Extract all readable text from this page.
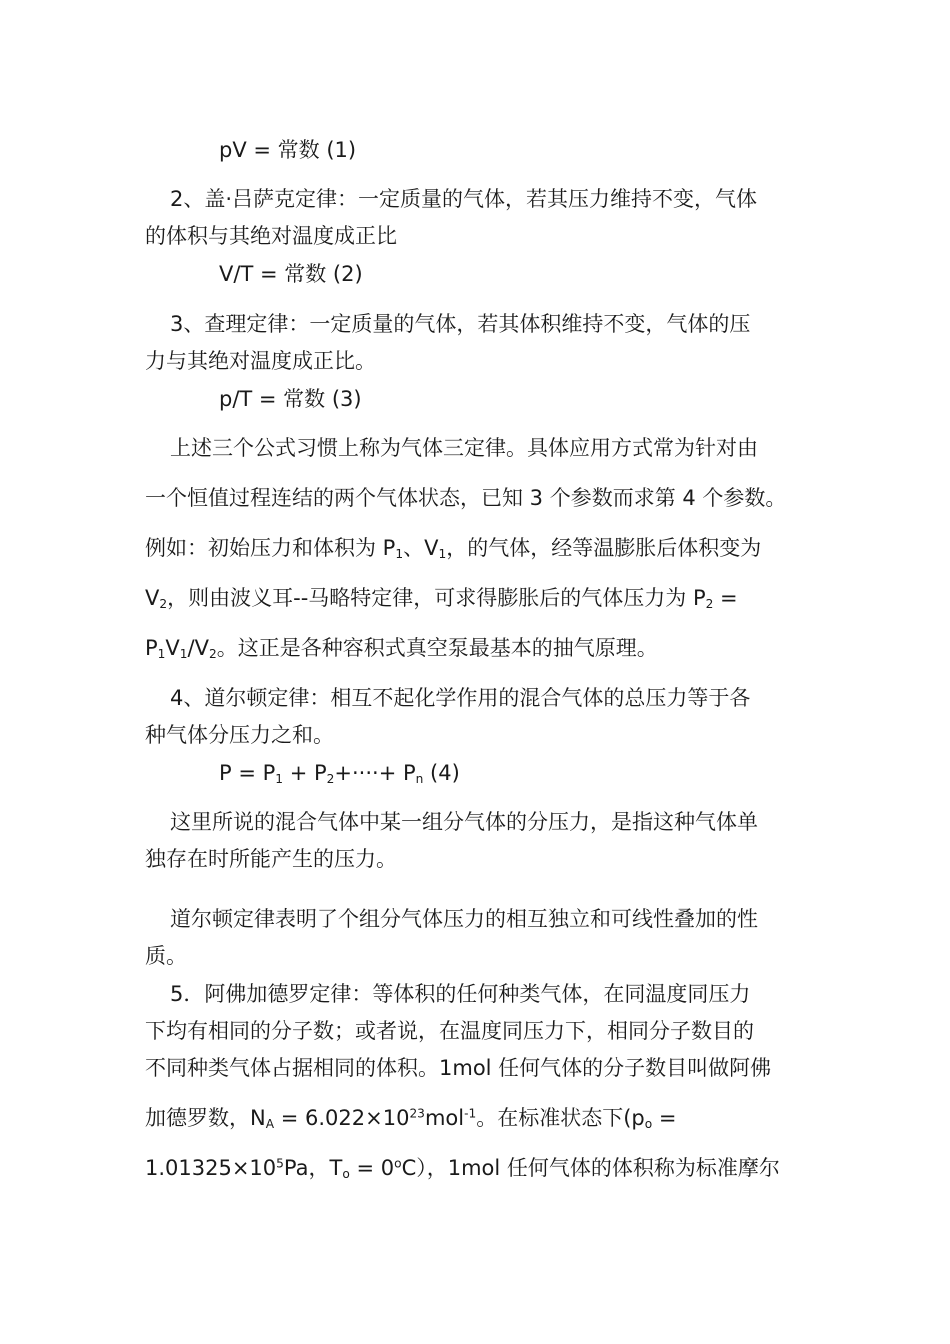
pV = 常数 (1)
2、盖·吕萨克定律：一定质量的气体，若其压力维持不变，气体
的体积与其绝对温度成正比
V/T = 常数 (2)
3、查理定律：一定质量的气体，若其体积维持不变，气体的压
力与其绝对温度成正比。
p/T = 常数 (3)
上述三个公式习惯上称为气体三定律。具体应用方式常为针对由
一个恒值过程连结的两个气体状态，已知 3 个参数而求第 4 个参数。
例如：初始压力和体积为 $P_1$、$V_1$，的气体，经等温膨胀后体积变为
$V_2$，则由波义耳--马略特定律，可求得膨胀后的气体压力为 $P_2$ =
$P_1V_1/V_2$。这正是各种容积式真空泵最基本的抽气原理。
4、道尔顿定律：相互不起化学作用的混合气体的总压力等于各
种气体分压力之和。
$P = P_1 + P_2+\cdot\cdot\cdot\cdot+ P_n$ (4)
这里所说的混合气体中某一组分气体的分压力，是指这种气体单
独存在时所能产生的压力。
道尔顿定律表明了个组分气体压力的相互独立和可线性叠加的性
质。
5．阿佛加德罗定律：等体积的任何种类气体，在同温度同压力
下均有相同的分子数；或者说，在温度同压力下，相同分子数目的
不同种类气体占据相同的体积。1mol 任何气体的分子数目叫做阿佛
加德罗数，$N_A = 6.022\times 10^{23}mol^{-1}$。在标准状态下($p_o$ =
$1.01325\times 10^5Pa$，$T_o = 0^oC$），1mol 任何气体的体积称为标准摩尔
